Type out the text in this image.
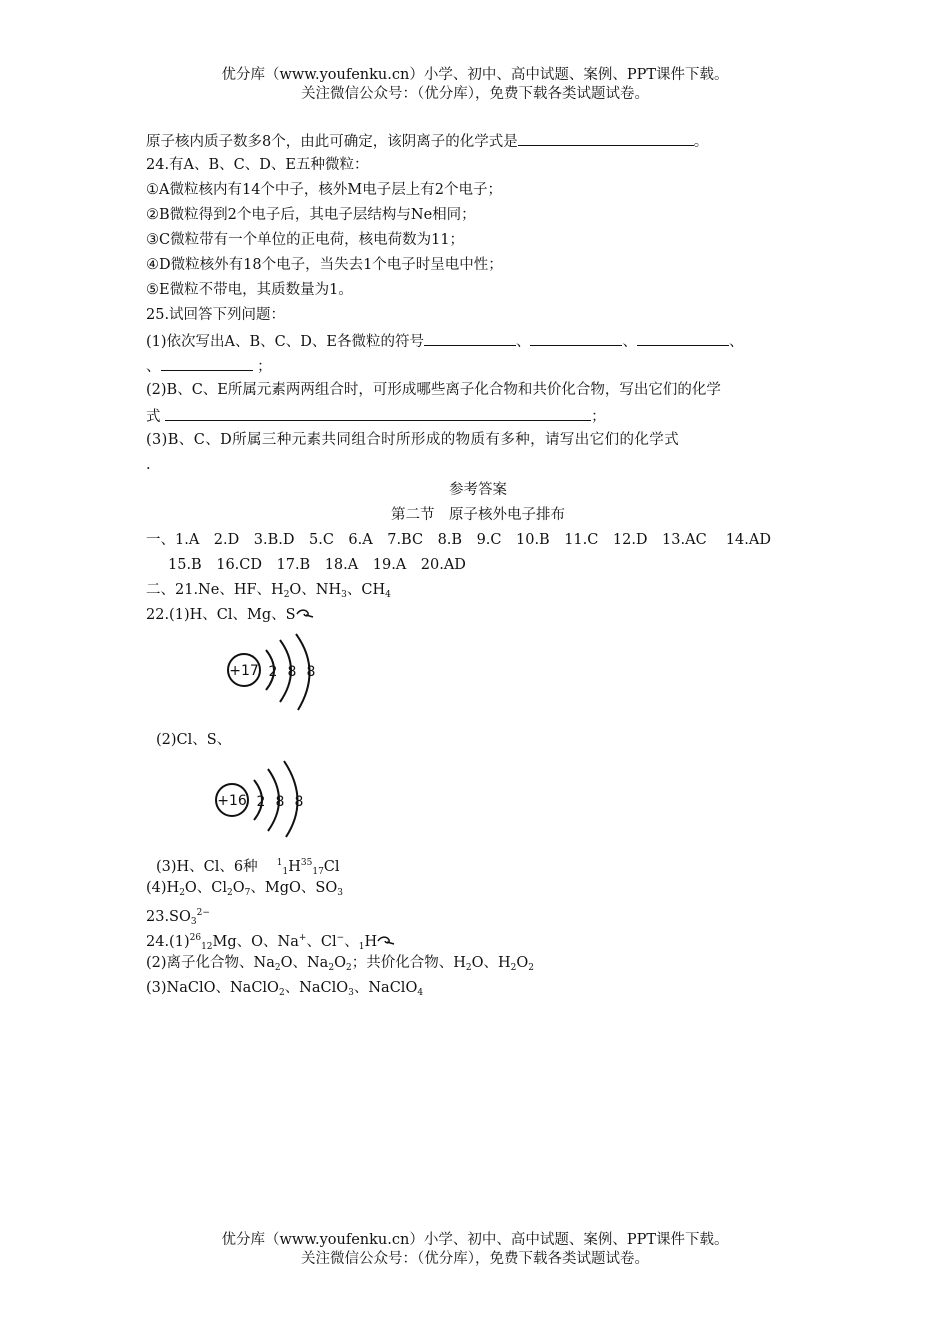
优分库（www.youfenku.cn）小学、初中、高中试题、案例、PPT课件下载。
关注微信公众号：（优分库），免费下载各类试题试卷。
原子核内质子数多8个，由此可确定，该阴离子的化学式是	。
24.有A、B、C、D、E五种微粒：
①A微粒核内有14个中子，核外M电子层上有2个电子；
②B微粒得到2个电子后，其电子层结构与Ne相同；
③C微粒带有一个单位的正电荷，核电荷数为11；
④D微粒核外有18个电子，当失去1个电子时呈电中性；
⑤E微粒不带电，其质数量为1。
25.试回答下列问题：
(1)依次写出A、B、C、D、E各微粒的符号	、	、	、
、	；
(2)B、C、E所属元素两两组合时，可形成哪些离子化合物和共价化合物，写出它们的化学
式	；
(3)B、C、D所属三种元素共同组合时所形成的物质有多种，请写出它们的化学式
.
参考答案
第二节　原子核外电子排布
一、1.A　2.D　3.B.D　5.C　6.A　7.BC　8.B　9.C　10.B　11.C　12.D　13.AC　 14.AD
15.B　16.CD　17.B　18.A　19.A　20.AD
二、21.Ne、HF、$H_2O$、$NH_3$、$CH_4$
22.(1)H、Cl、Mg、S
+17 2 8 8
(2)Cl、S、
+16 2 8 8
(3)H、Cl、6种　 $^1_1H^{35}_{17}Cl$
$(4)H_2O$、$Cl_2O_7$、MgO、$SO_3$
$23.SO_3^{2-}$
$24.(1)^{26}_{12}Mg$、O、Na+、Cl−、$_1$H
(2)离子化合物、$Na_2O$、$Na_2O_2$；共价化合物、$H_2O$、$H_2O_2$
(3)NaClO、NaClO$_2$、NaClO$_3$、NaClO$_4$
优分库（www.youfenku.cn）小学、初中、高中试题、案例、PPT课件下载。
关注微信公众号：（优分库），免费下载各类试题试卷。
